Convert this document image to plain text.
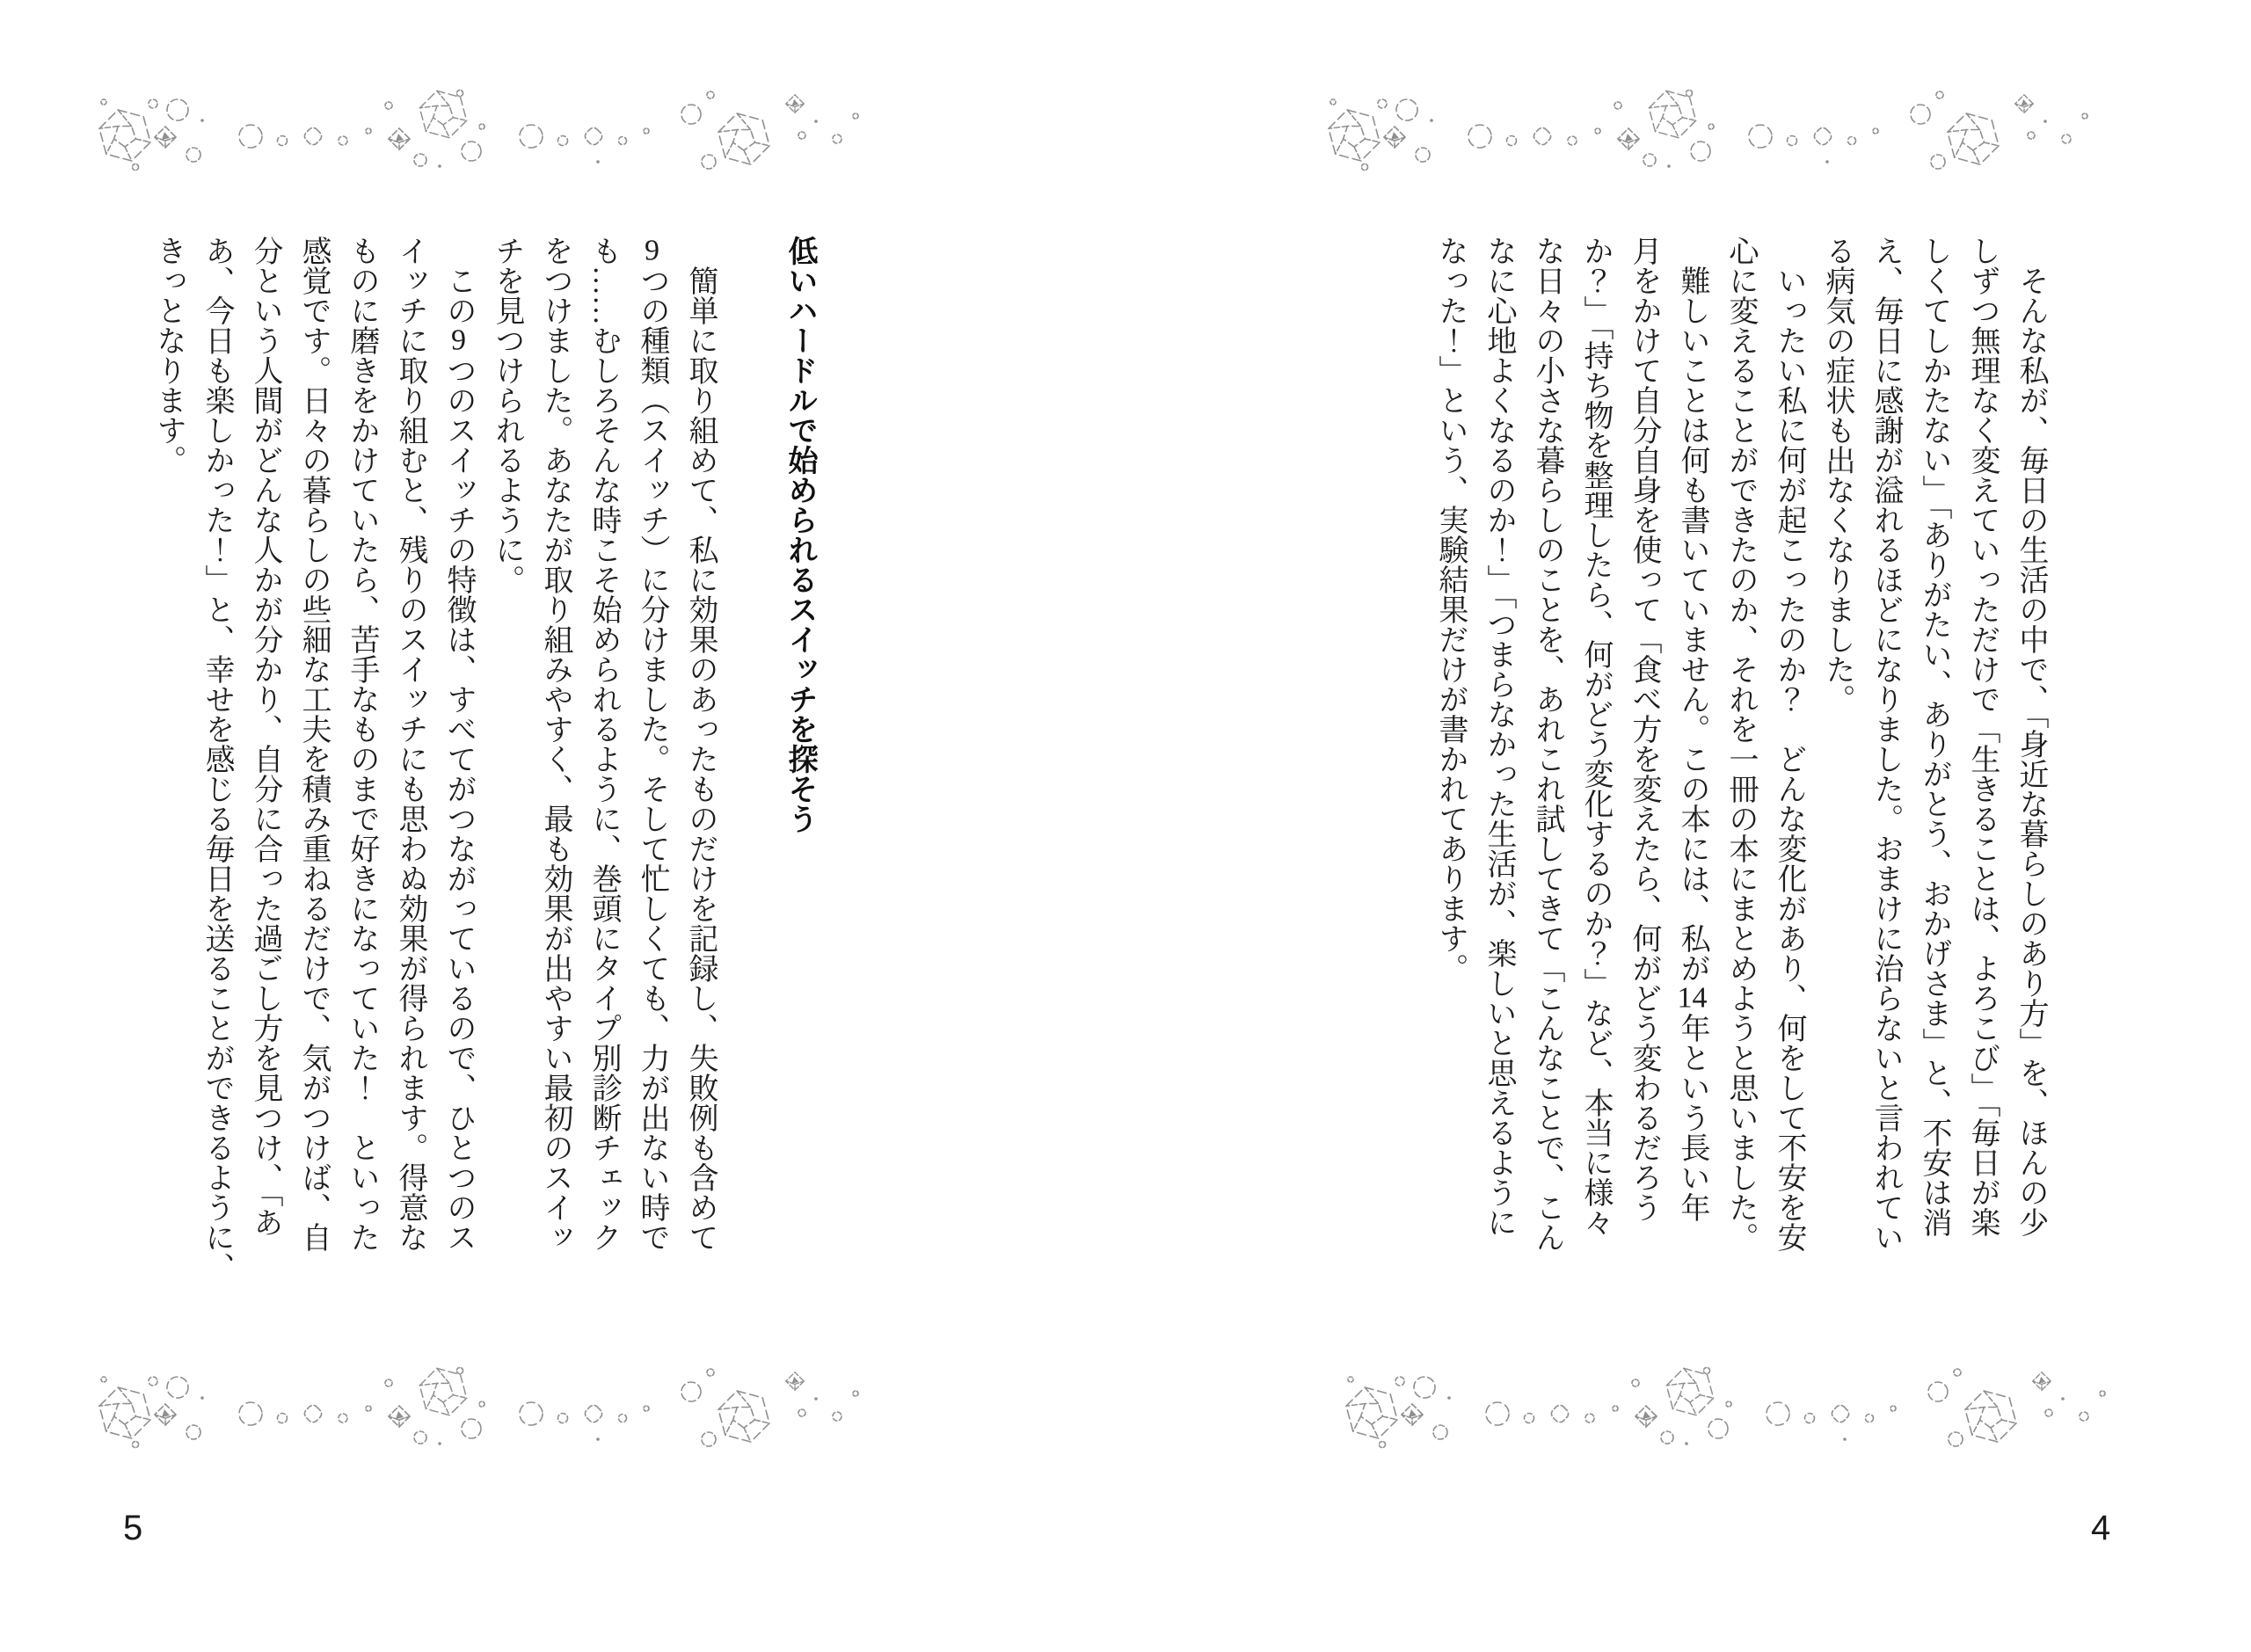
低いハードルで始められるスイッチを探そう
　簡単に取り組めて、私に効果のあったものだけを記録し、失敗例も含めて
9つの種類（スイッチ）に分けました。そして忙しくても、力が出ない時で
も……むしろそんな時こそ始められるように、巻頭にタイプ別診断チェック
をつけました。あなたが取り組みやすく、最も効果が出やすい最初のスイッ
チを見つけられるように。
　この9つのスイッチの特徴は、すべてがつながっているので、ひとつのス
イッチに取り組むと、残りのスイッチにも思わぬ効果が得られます。得意な
ものに磨きをかけていたら、苦手なものまで好きになっていた！　といった
感覚です。日々の暮らしの些細な工夫を積み重ねるだけで、気がつけば、自
分という人間がどんな人かが分かり、自分に合った過ごし方を見つけ、「あ
あ、今日も楽しかった！」と、幸せを感じる毎日を送ることができるように、
きっとなります。
5
　そんな私が、毎日の生活の中で、「身近な暮らしのあり方」を、ほんの少
しずつ無理なく変えていっただけで「生きることは、よろこび」「毎日が楽
しくてしかたない」「ありがたい、ありがとう、おかげさま」と、不安は消
え、毎日に感謝が溢れるほどになりました。おまけに治らないと言われてい
る病気の症状も出なくなりました。
　いったい私に何が起こったのか？　どんな変化があり、何をして不安を安
心に変えることができたのか、それを一冊の本にまとめようと思いました。
　難しいことは何も書いていません。この本には、私が14年という長い年
月をかけて自分自身を使って「食べ方を変えたら、何がどう変わるだろう
か？」「持ち物を整理したら、何がどう変化するのか？」など、本当に様々
な日々の小さな暮らしのことを、あれこれ試してきて「こんなことで、こん
なに心地よくなるのか！」「つまらなかった生活が、楽しいと思えるように
なった！」という、実験結果だけが書かれてあります。
4
